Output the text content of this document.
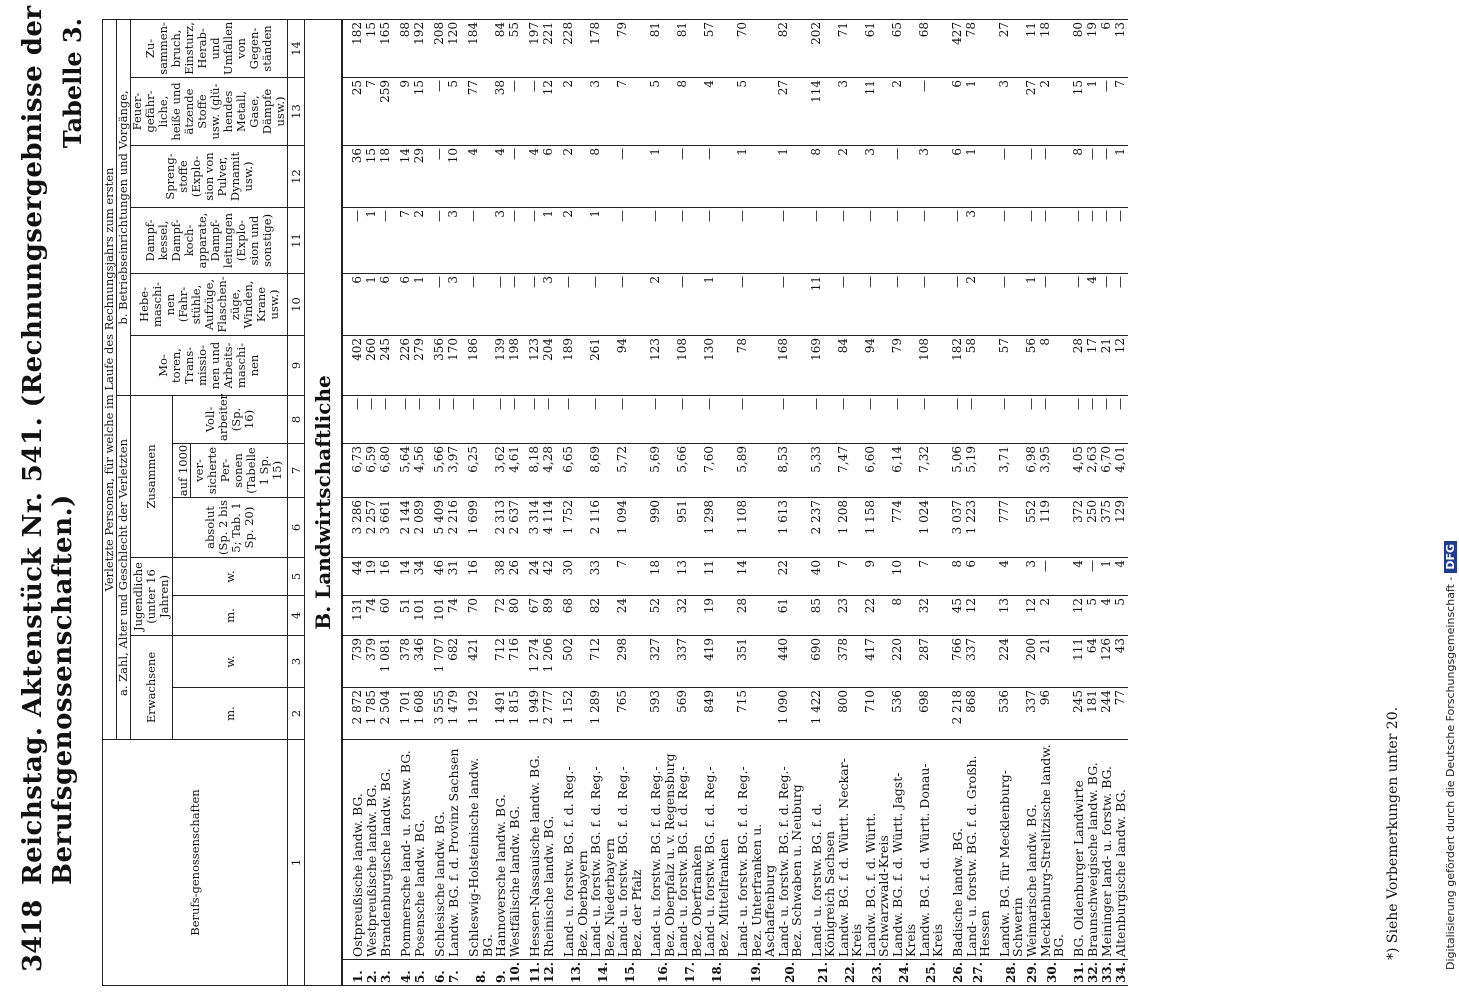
3418
Reichstag. Aktenstück Nr. 541. (Rechnungsergebnisse der Berufsgenossenschaften.)
Tabelle 3.
Berufs-genossenschaften		Verletzte Personen, für welche im Laufe des Rechnungsjahrs zum ersten												
		a. Zahl, Alter und Geschlecht der Verletzten							b. Betriebseinrichtungen und Vorgänge,					
		Erwachsene		Jugendliche (unter 16 Jahren)		Zusammen			Mo-toren, Trans-missio-nen und Arbeits-maschi-nen	Hebe-maschi-nen (Fahr-stühle, Aufzüge, Flaschen-züge, Winden, Krane usw.)	Dampf-kessel, Dampf-koch-apparate, Dampf-leitungen (Explo-sion und sonstige)	Spreng-stoffe (Explo-sion von Pulver, Dynamit usw.)	Feuer-gefähr-liche, heiße und ätzende Stoffe usw. (glü-hendes Metall, Gase, Dämpfe usw.)	Zu-sammen-bruch, Einsturz, Herab- und Umfallen von Gegen-ständen
		m.	w.	m.	w.	absolut (Sp. 2 bis 5; Tab. 1 Sp. 20)	auf 1000 ver-sicherte Per-sonen (Tabelle 1 Sp. 15)	Voll-arbeiter (Sp. 16)						
1		2	3	4	5	6	7	8	9	10	11	12	13	14
B. Landwirtschaftliche														
1.	Ostpreußische landw. BG.	2 872	739	131	44	3 286	6,73	—	402	6	—	36	25	182
2.	Westpreußische landw. BG.	1 785	379	74	19	2 257	6,59	—	260	1	1	15	7	15
3.	Brandenburgische landw. BG.	2 504	1 081	60	16	3 661	6,80	—	245	6	—	18	259	165
4.	Pommersche land- u. forstw. BG.	1 701	378	51	14	2 144	5,64	—	226	6	7	14	9	88
5.	Posensche landw. BG.	1 608	346	101	34	2 089	4,56	—	279	1	2	29	15	192
6.	Schlesische landw. BG.	3 555	1 707	101	46	5 409	5,66	—	356	—	—	—	—	208
7.	Landw. BG. f. d. Provinz Sachsen	1 479	682	74	31	2 216	3,97	—	170	3	3	10	5	120
8.	Schleswig-Holsteinische landw. BG.	1 192	421	70	16	1 699	6,25	—	186	—	—	4	77	184
9.	Hannoversche landw. BG.	1 491	712	72	38	2 313	3,62	—	139	—	3	4	38	84
10.	Westfälische landw. BG.	1 815	716	80	26	2 637	4,61	—	198	—	—	—	—	55
11.	Hessen-Nassauische landw. BG.	1 949	1 274	67	24	3 314	8,18	—	123	—	—	4	—	197
12.	Rheinische landw. BG.	2 777	1 206	89	42	4 114	4,28	—	204	3	1	6	12	221
13.	Land- u. forstw. BG. f. d. Reg.-Bez. Oberbayern	1 152	502	68	30	1 752	6,65	—	189	—	2	2	2	228
14.	Land- u. forstw. BG. f. d. Reg.-Bez. Niederbayern	1 289	712	82	33	2 116	8,69	—	261	—	1	8	3	178
15.	Land- u. forstw. BG. f. d. Reg.-Bez. der Pfalz	765	298	24	7	1 094	5,72	—	94	—	—	—	7	79
16.	Land- u. forstw. BG. f. d. Reg.-Bez. Oberpfalz u. v. Regensburg	593	327	52	18	990	5,69	—	123	2	—	1	5	81
17.	Land- u. forstw. BG. f. d. Reg.-Bez. Oberfranken	569	337	32	13	951	5,66	—	108	—	—	—	8	81
18.	Land- u. forstw. BG. f. d. Reg.-Bez. Mittelfranken	849	419	19	11	1 298	7,60	—	130	1	—	—	4	57
19.	Land- u. forstw. BG. f. d. Reg.-Bez. Unterfranken u. Aschaffenburg	715	351	28	14	1 108	5,89	—	78	—	—	1	5	70
20.	Land- u. forstw. BG. f. d. Reg.-Bez. Schwaben u. Neuburg	1 090	440	61	22	1 613	8,53	—	168	—	—	1	27	82
21.	Land- u. forstw. BG. f. d. Königreich Sachsen	1 422	690	85	40	2 237	5,33	—	169	11	—	8	114	202
22.	Landw. BG. f. d. Württ. Neckar-Kreis	800	378	23	7	1 208	7,47	—	84	—	—	2	3	71
23.	Landw. BG. f. d. Württ. Schwarzwald-Kreis	710	417	22	9	1 158	6,60	—	94	—	—	3	11	61
24.	Landw. BG. f. d. Württ. Jagst-Kreis	536	220	8	10	774	6,14	—	79	—	—	—	2	65
25.	Landw. BG. f. d. Württ. Donau-Kreis	698	287	32	7	1 024	7,32	—	108	—	—	3	—	68
26.	Badische landw. BG.	2 218	766	45	8	3 037	5,06	—	182	—	—	6	6	427
27.	Land- u. forstw. BG. f. d. Großh. Hessen	868	337	12	6	1 223	5,19	—	58	2	3	1	1	78
28.	Landw. BG. für Mecklenburg-Schwerin	536	224	13	4	777	3,71	—	57	—	—	—	3	27
29.	Weimarische landw. BG.	337	200	12	3	552	6,98	—	56	1	—	—	27	11
30.	Mecklenburg-Strelitzische landw. BG.	96	21	2	—	119	3,95	—	8	—	—	—	2	18
31.	BG. Oldenburger Landwirte	245	111	12	4	372	4,05	—	28	—	—	8	15	80
32.	Braunschweigische landw. BG.	181	64	5	—	250	2,63	—	17	4	—	—	1	19
33.	Meininger land- u. forstw. BG.	244	126	4	1	375	6,70	—	21	—	—	—	—	6
34.	Altenburgische landw. BG.	77	43	5	4	129	4,01	—	12	—	—	1	7	13
*) Siehe Vorbemerkungen unter 20.	Digitalisierung gefördert durch die Deutsche Forschungsgemeinschaft -DFG
